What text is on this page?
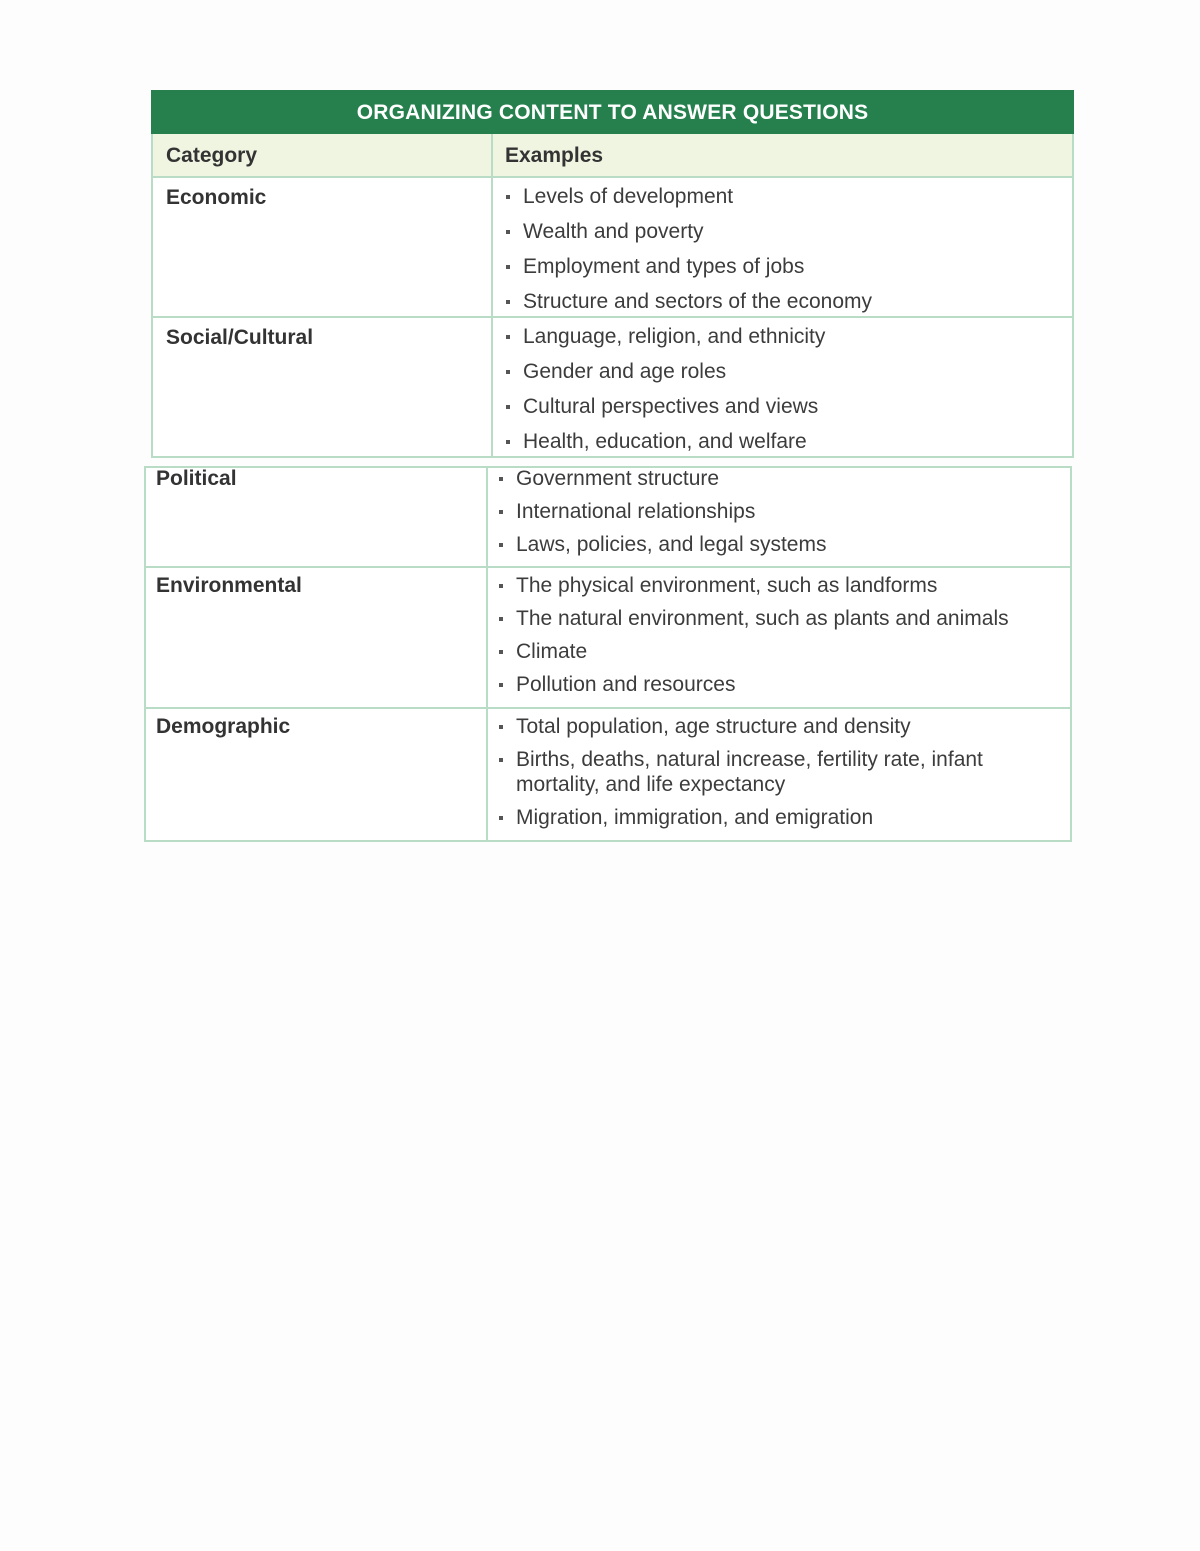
ORGANIZING CONTENT TO ANSWER QUESTIONS
Category	Examples
Economic	Levels of development
Wealth and poverty
Employment and types of jobs
Structure and sectors of the economy
Social/Cultural	Language, religion, and ethnicity
Gender and age roles
Cultural perspectives and views
Health, education, and welfare
Political	Government structure
International relationships
Laws, policies, and legal systems
Environmental	The physical environment, such as landforms
The natural environment, such as plants and animals
Climate
Pollution and resources
Demographic	Total population, age structure and density
Births, deaths, natural increase, fertility rate, infant mortality, and life expectancy
Migration, immigration, and emigration
